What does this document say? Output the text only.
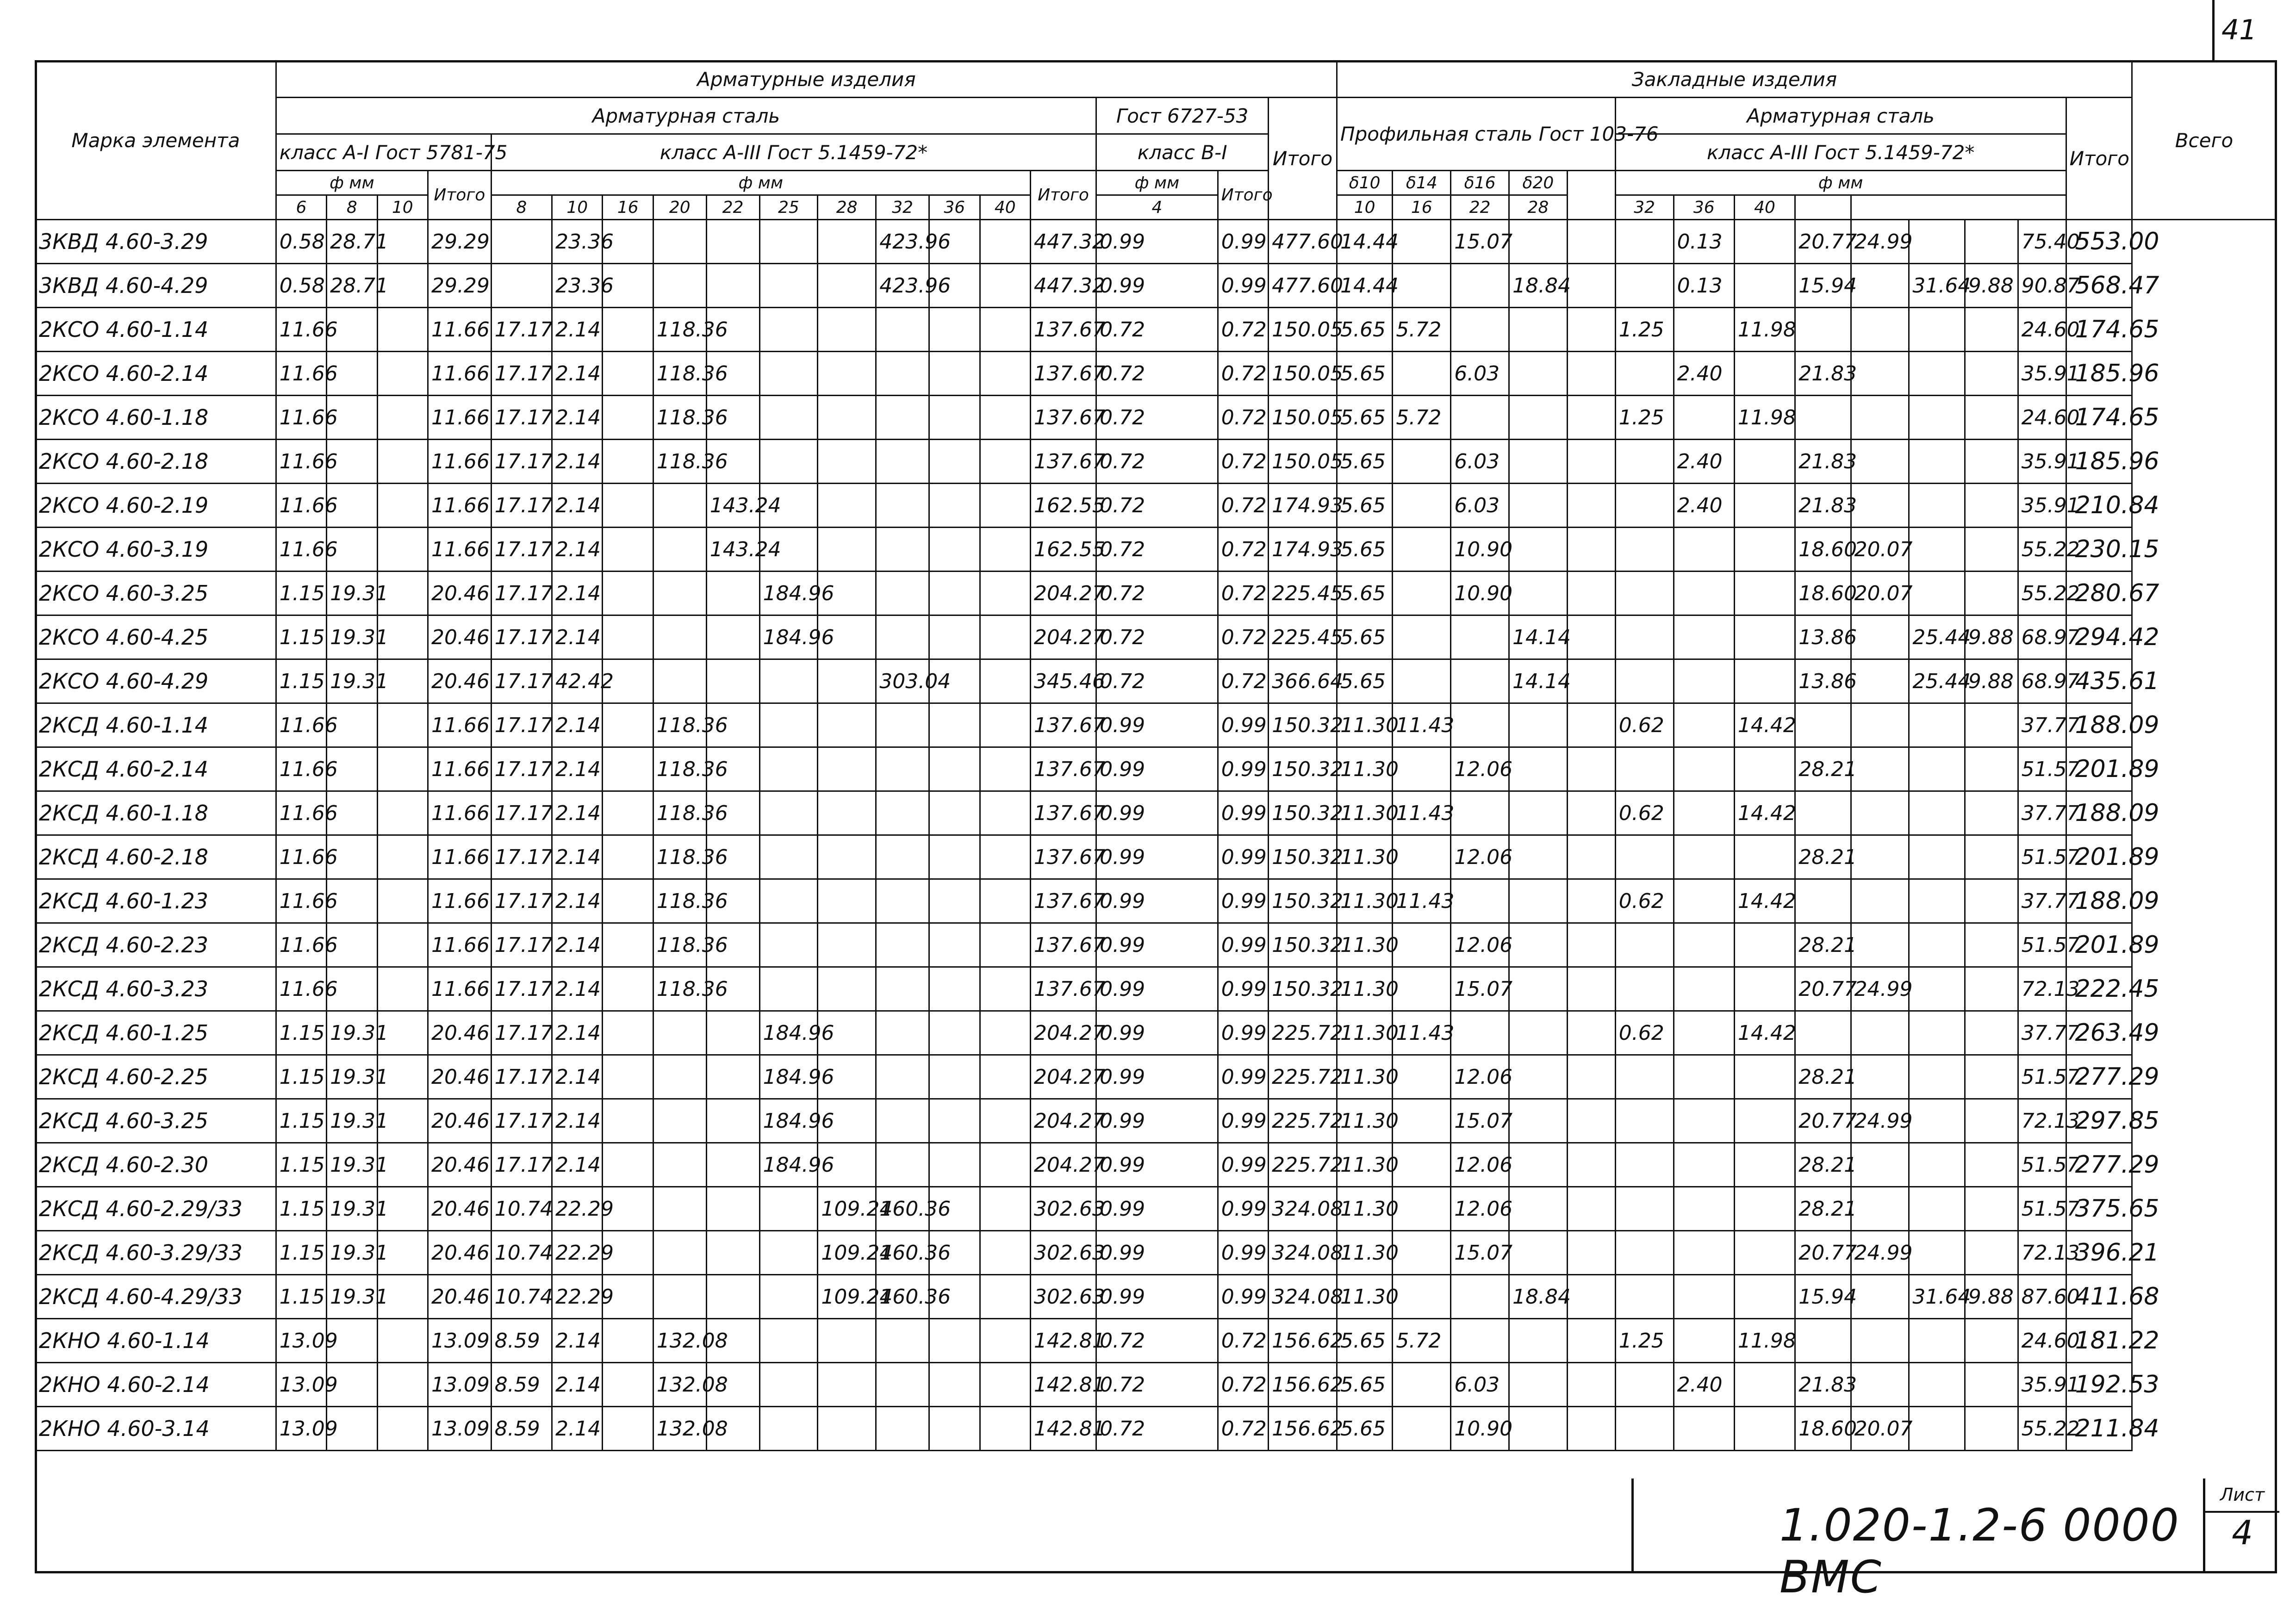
41
Марка элемента	Арматурные изделия																		Закладные изделия														Всего
	Арматурная сталь															Гост 6727-53		Итого	Профильная сталь Гост 103-76					Арматурная сталь								Итого	
	класс А-I Гост 5781-75				класс А-III Гост 5.1459-72*											класс В-I								класс А-III Гост 5.1459-72*									
	ф мм			Итого	ф мм										Итого	ф мм	Итого		δ10	δ14	δ16	δ20		ф мм									
	6	8	10		8	10	16	20	22	25	28	32	36	40		4			10	16	22	28		32	36	40							
3КВД 4.60-3.29	0.58	28.71		29.29		23.36						423.96			447.32	0.99	0.99	477.60	14.44		15.07				0.13		20.77	24.99			75.40	553.00	
3КВД 4.60-4.29	0.58	28.71		29.29		23.36						423.96			447.32	0.99	0.99	477.60	14.44			18.84			0.13		15.94		31.64	9.88	90.87	568.47	
2КСО 4.60-1.14	11.66			11.66	17.17	2.14		118.36							137.67	0.72	0.72	150.05	5.65	5.72				1.25		11.98					24.60	174.65	
2КСО 4.60-2.14	11.66			11.66	17.17	2.14		118.36							137.67	0.72	0.72	150.05	5.65		6.03				2.40		21.83				35.91	185.96	
2КСО 4.60-1.18	11.66			11.66	17.17	2.14		118.36							137.67	0.72	0.72	150.05	5.65	5.72				1.25		11.98					24.60	174.65	
2КСО 4.60-2.18	11.66			11.66	17.17	2.14		118.36							137.67	0.72	0.72	150.05	5.65		6.03				2.40		21.83				35.91	185.96	
2КСО 4.60-2.19	11.66			11.66	17.17	2.14			143.24						162.55	0.72	0.72	174.93	5.65		6.03				2.40		21.83				35.91	210.84	
2КСО 4.60-3.19	11.66			11.66	17.17	2.14			143.24						162.55	0.72	0.72	174.93	5.65		10.90						18.60	20.07			55.22	230.15	
2КСО 4.60-3.25	1.15	19.31		20.46	17.17	2.14				184.96					204.27	0.72	0.72	225.45	5.65		10.90						18.60	20.07			55.22	280.67	
2КСО 4.60-4.25	1.15	19.31		20.46	17.17	2.14				184.96					204.27	0.72	0.72	225.45	5.65			14.14					13.86		25.44	9.88	68.97	294.42	
2КСО 4.60-4.29	1.15	19.31		20.46	17.17	42.42						303.04			345.46	0.72	0.72	366.64	5.65			14.14					13.86		25.44	9.88	68.97	435.61	
2КСД 4.60-1.14	11.66			11.66	17.17	2.14		118.36							137.67	0.99	0.99	150.32	11.30	11.43				0.62		14.42					37.77	188.09	
2КСД 4.60-2.14	11.66			11.66	17.17	2.14		118.36							137.67	0.99	0.99	150.32	11.30		12.06						28.21				51.57	201.89	
2КСД 4.60-1.18	11.66			11.66	17.17	2.14		118.36							137.67	0.99	0.99	150.32	11.30	11.43				0.62		14.42					37.77	188.09	
2КСД 4.60-2.18	11.66			11.66	17.17	2.14		118.36							137.67	0.99	0.99	150.32	11.30		12.06						28.21				51.57	201.89	
2КСД 4.60-1.23	11.66			11.66	17.17	2.14		118.36							137.67	0.99	0.99	150.32	11.30	11.43				0.62		14.42					37.77	188.09	
2КСД 4.60-2.23	11.66			11.66	17.17	2.14		118.36							137.67	0.99	0.99	150.32	11.30		12.06						28.21				51.57	201.89	
2КСД 4.60-3.23	11.66			11.66	17.17	2.14		118.36							137.67	0.99	0.99	150.32	11.30		15.07						20.77	24.99			72.13	222.45	
2КСД 4.60-1.25	1.15	19.31		20.46	17.17	2.14				184.96					204.27	0.99	0.99	225.72	11.30	11.43				0.62		14.42					37.77	263.49	
2КСД 4.60-2.25	1.15	19.31		20.46	17.17	2.14				184.96					204.27	0.99	0.99	225.72	11.30		12.06						28.21				51.57	277.29	
2КСД 4.60-3.25	1.15	19.31		20.46	17.17	2.14				184.96					204.27	0.99	0.99	225.72	11.30		15.07						20.77	24.99			72.13	297.85	
2КСД 4.60-2.30	1.15	19.31		20.46	17.17	2.14				184.96					204.27	0.99	0.99	225.72	11.30		12.06						28.21				51.57	277.29	
2КСД 4.60-2.29/33	1.15	19.31		20.46	10.74	22.29					109.24	160.36			302.63	0.99	0.99	324.08	11.30		12.06						28.21				51.57	375.65	
2КСД 4.60-3.29/33	1.15	19.31		20.46	10.74	22.29					109.24	160.36			302.63	0.99	0.99	324.08	11.30		15.07						20.77	24.99			72.13	396.21	
2КСД 4.60-4.29/33	1.15	19.31		20.46	10.74	22.29					109.24	160.36			302.63	0.99	0.99	324.08	11.30			18.84					15.94		31.64	9.88	87.60	411.68	
2КНО 4.60-1.14	13.09			13.09	8.59	2.14		132.08							142.81	0.72	0.72	156.62	5.65	5.72				1.25		11.98					24.60	181.22	
2КНО 4.60-2.14	13.09			13.09	8.59	2.14		132.08							142.81	0.72	0.72	156.62	5.65		6.03				2.40		21.83				35.91	192.53	
2КНО 4.60-3.14	13.09			13.09	8.59	2.14		132.08							142.81	0.72	0.72	156.62	5.65		10.90						18.60	20.07			55.22	211.84	
1.020-1.2-6 0000 ВМС
Лист
4
